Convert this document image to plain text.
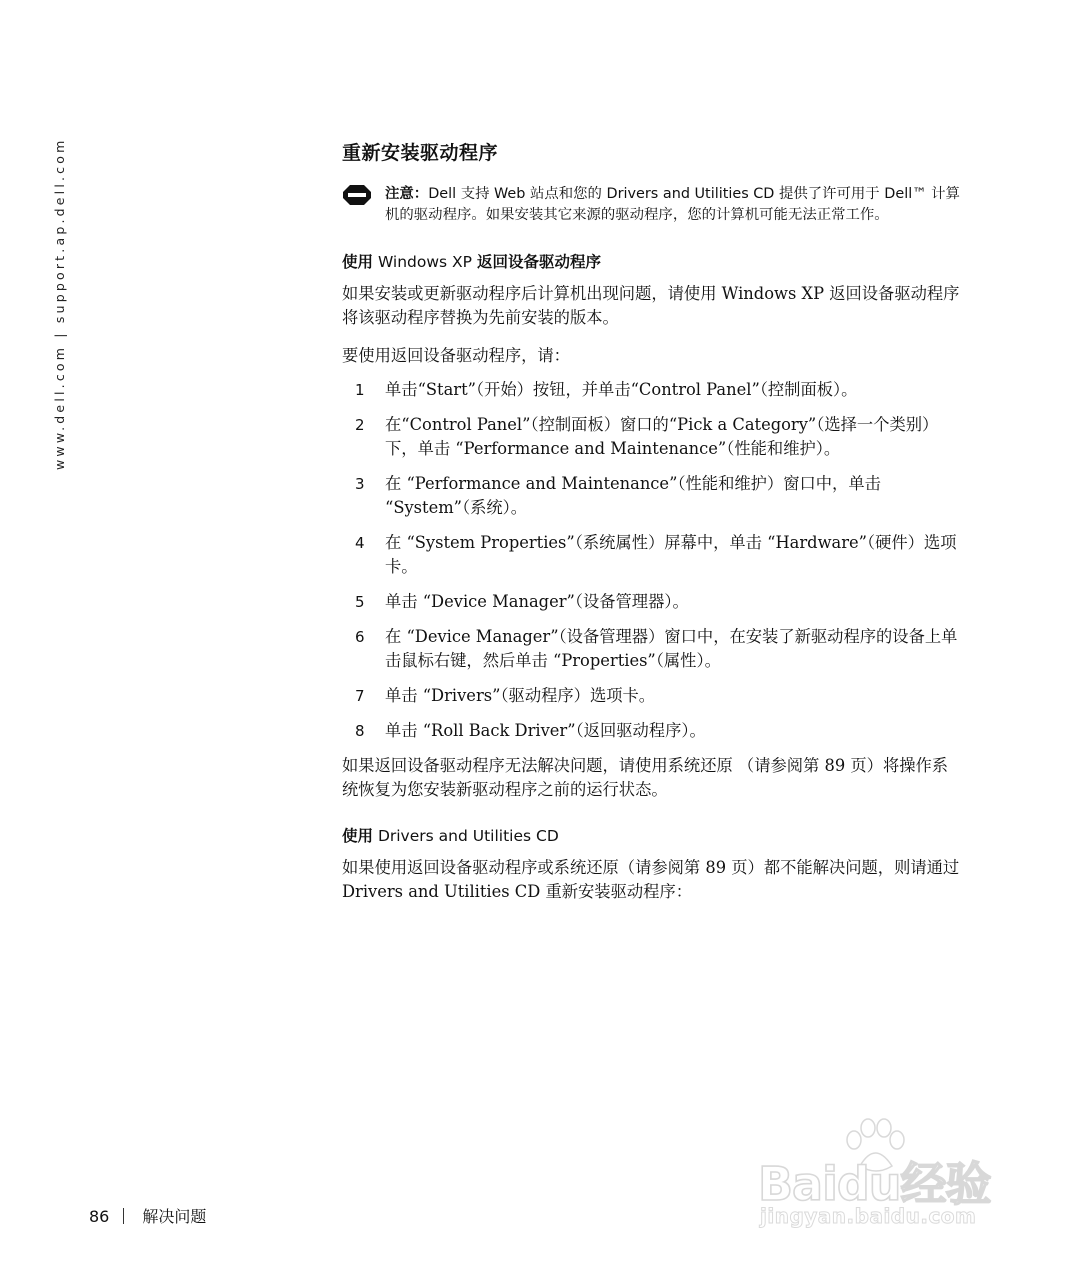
www.dell.com | support.ap.dell.com	重新安装驱动程序
注意：Dell 支持 Web 站点和您的 Drivers and Utilities CD 提供了许可用于 Dell™ 计算机的驱动程序。如果安装其它来源的驱动程序，您的计算机可能无法正常工作。
使用 Windows XP 返回设备驱动程序

如果安装或更新驱动程序后计算机出现问题，请使用 Windows XP 返回设备驱动程序将该驱动程序替换为先前安装的版本。

要使用返回设备驱动程序，请：

1 单击“Start”（开始）按钮，并单击“Control Panel”（控制面板）。
2 在“Control Panel”（控制面板）窗口的“Pick a Category”（选择一个类别）下，单击 “Performance and Maintenance”（性能和维护）。
3 在 “Performance and Maintenance”（性能和维护）窗口中，单击 “System”（系统）。
4 在 “System Properties”（系统属性）屏幕中，单击 “Hardware”（硬件）选项卡。
5 单击 “Device Manager”（设备管理器）。
6 在 “Device Manager”（设备管理器）窗口中，在安装了新驱动程序的设备上单击鼠标右键，然后单击 “Properties”（属性）。
7 单击 “Drivers”（驱动程序）选项卡。
8 单击 “Roll Back Driver”（返回驱动程序）。

如果返回设备驱动程序无法解决问题，请使用系统还原 （请参阅第 89 页）将操作系统恢复为您安装新驱动程序之前的运行状态。

使用 Drivers and Utilities CD

如果使用返回设备驱动程序或系统还原（请参阅第 89 页）都不能解决问题，则请通过 Drivers and Utilities CD 重新安装驱动程序：

86 解决问题
Baidu经验
jingyan.baidu.com
